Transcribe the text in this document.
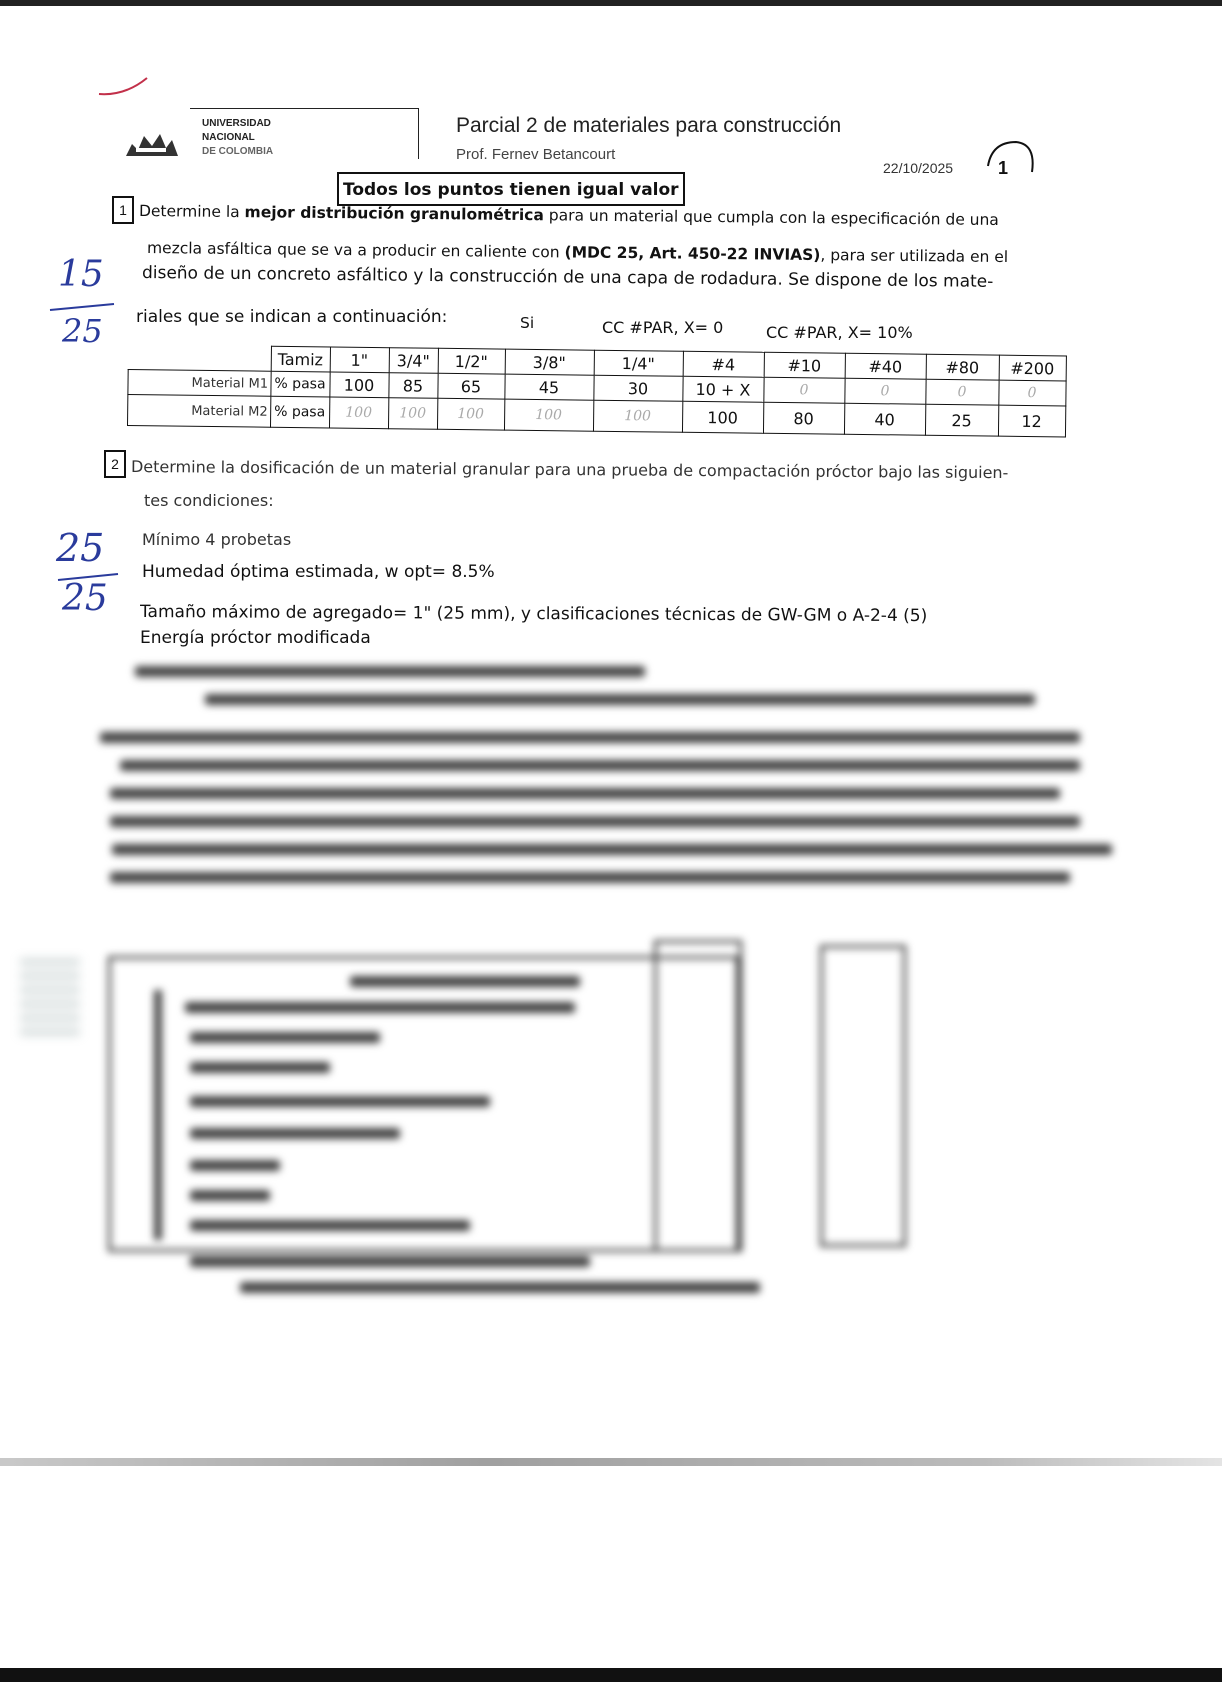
UNIVERSIDAD
NACIONAL
DE COLOMBIA
Parcial 2 de materiales para construcción
Prof. Fernev Betancourt
22/10/2025 1
Todos los puntos tienen igual valor
1 Determine la mejor distribución granulométrica para un material que cumpla con la especificación de una
mezcla asfáltica que se va a producir en caliente con (MDC 25, Art. 450-22 INVIAS), para ser utilizada en el
diseño de un concreto asfáltico y la construcción de una capa de rodadura. Se dispone de los mate-
riales que se indican a continuación:	Si	CC #PAR, X= 0	CC #PAR, X= 10%
15
25
	Tamiz	1"	3/4"	1/2"	3/8"	1/4"	#4	#10	#40	#80	#200
Material M1	% pasa	100	85	65	45	30	10 + X	0	0	0	0
Material M2	% pasa	100	100	100	100	100	100	80	40	25	12
2 Determine la dosificación de un material granular para una prueba de compactación próctor bajo las siguien-
tes condiciones:
Mínimo 4 probetas
Humedad óptima estimada, w opt= 8.5%
Tamaño máximo de agregado= 1" (25 mm), y clasificaciones técnicas de GW-GM o A-2-4 (5)
Energía próctor modificada
25
25
